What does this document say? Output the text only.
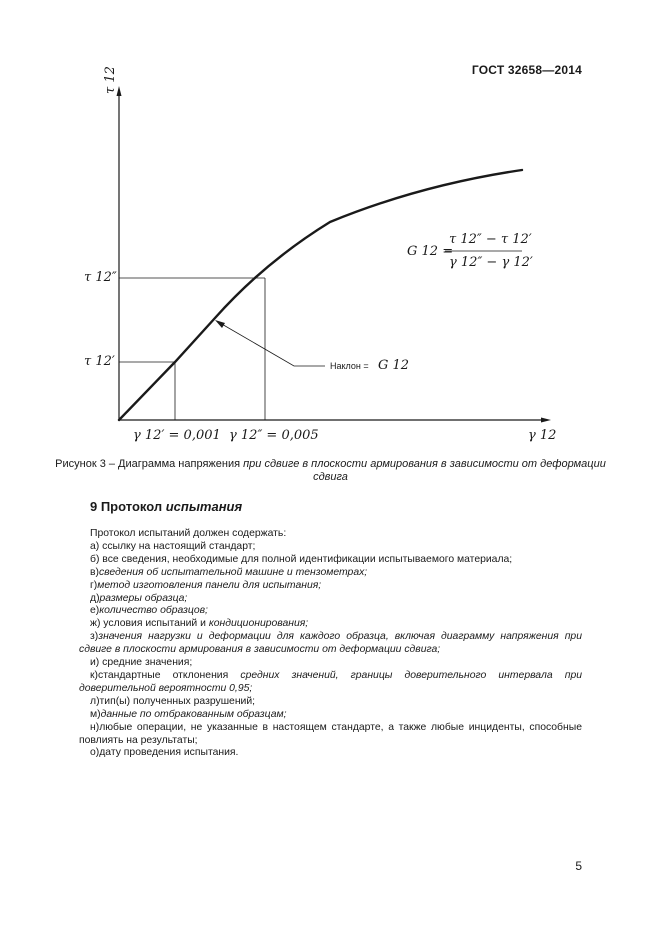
ГОСТ 32658—2014
τ 12
γ 12
τ 12″
τ 12′
γ 12′ = 0,001 γ 12″ = 0,005
G 12 =
τ 12″ − τ 12′
γ 12″ − γ 12′
Наклон = G 12
Рисунок 3 – Диаграмма напряжения при сдвиге в плоскости армирования в зависимости от деформации сдвига
9 Протокол испытания

Протокол испытаний должен содержать:

а) ссылку на настоящий стандарт;

б) все сведения, необходимые для полной идентификации испытываемого материала;

в)сведения об испытательной машине и тензометрах;

г)метод изготовления панели для испытания;

д)размеры образца;

е)количество образцов;

ж) условия испытаний и кондиционирования;

з)значения нагрузки и деформации для каждого образца, включая диаграмму напряжения при сдвиге в плоскости армирования в зависимости от деформации сдвига;

и) средние значения;

к)стандартные отклонения средних значений, границы доверительного интервала при доверительной вероятности 0,95;

л)тип(ы) полученных разрушений;

м)данные по отбракованным образцам;

н)любые операции, не указанные в настоящем стандарте, а также любые инциденты, способные повлиять на результаты;

о)дату проведения испытания.

5
